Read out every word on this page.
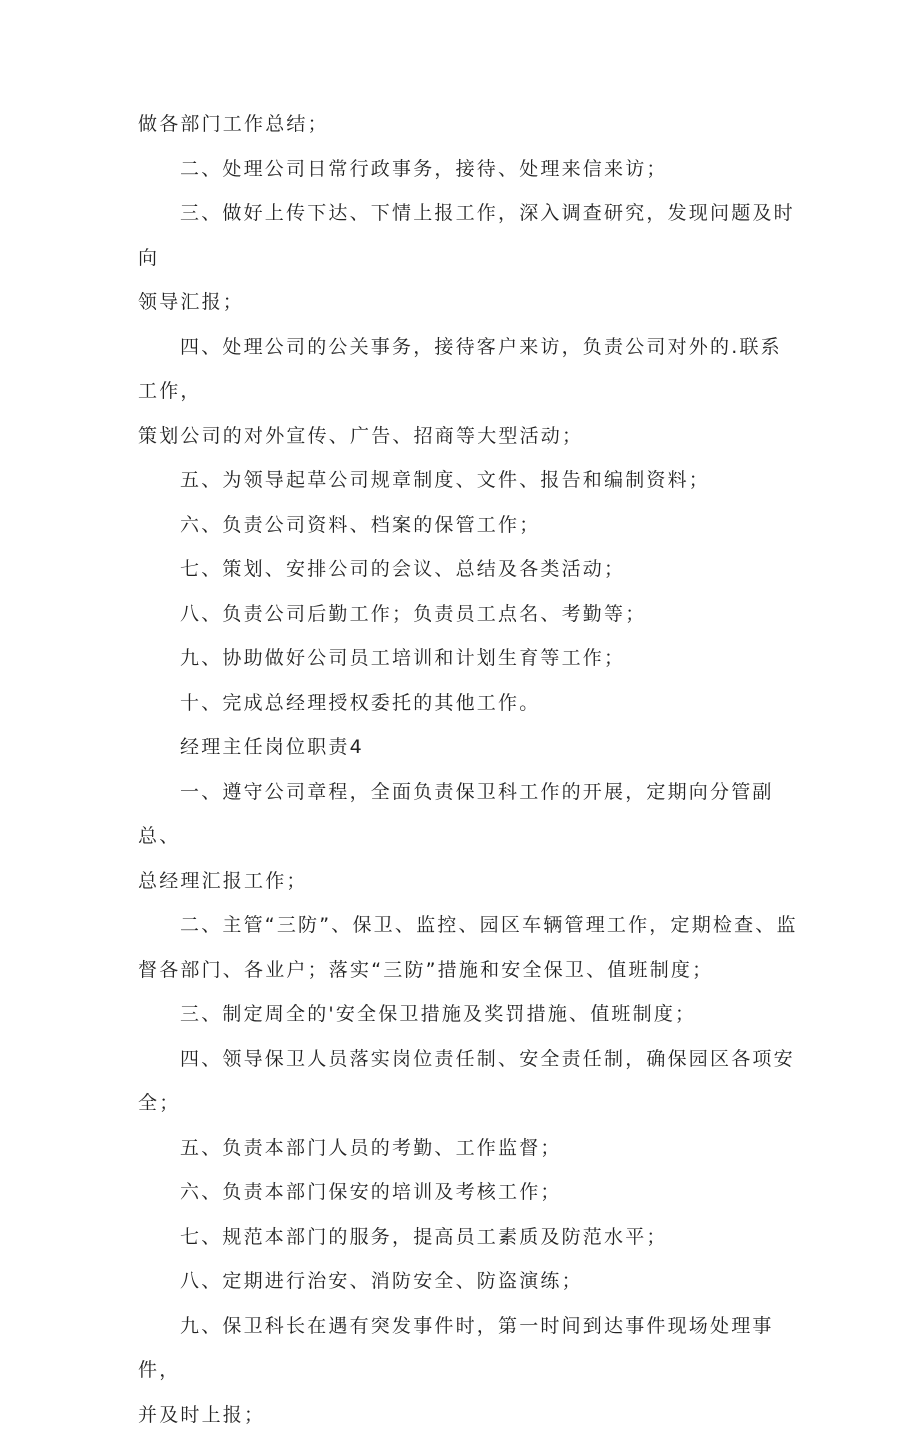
做各部门工作总结；

二、处理公司日常行政事务，接待、处理来信来访；

三、做好上传下达、下情上报工作，深入调查研究，发现问题及时向
领导汇报；

四、处理公司的公关事务，接待客户来访，负责公司对外的.联系工作，
策划公司的对外宣传、广告、招商等大型活动；

五、为领导起草公司规章制度、文件、报告和编制资料；

六、负责公司资料、档案的保管工作；

七、策划、安排公司的会议、总结及各类活动；

八、负责公司后勤工作；负责员工点名、考勤等；

九、协助做好公司员工培训和计划生育等工作；

十、完成总经理授权委托的其他工作。

经理主任岗位职责4

一、遵守公司章程，全面负责保卫科工作的开展，定期向分管副总、
总经理汇报工作；

二、主管“三防”、保卫、监控、园区车辆管理工作，定期检查、监
督各部门、各业户；落实“三防”措施和安全保卫、值班制度；

三、制定周全的'安全保卫措施及奖罚措施、值班制度；

四、领导保卫人员落实岗位责任制、安全责任制，确保园区各项安全；

五、负责本部门人员的考勤、工作监督；

六、负责本部门保安的培训及考核工作；

七、规范本部门的服务，提高员工素质及防范水平；

八、定期进行治安、消防安全、防盗演练；

九、保卫科长在遇有突发事件时，第一时间到达事件现场处理事件，
并及时上报；
